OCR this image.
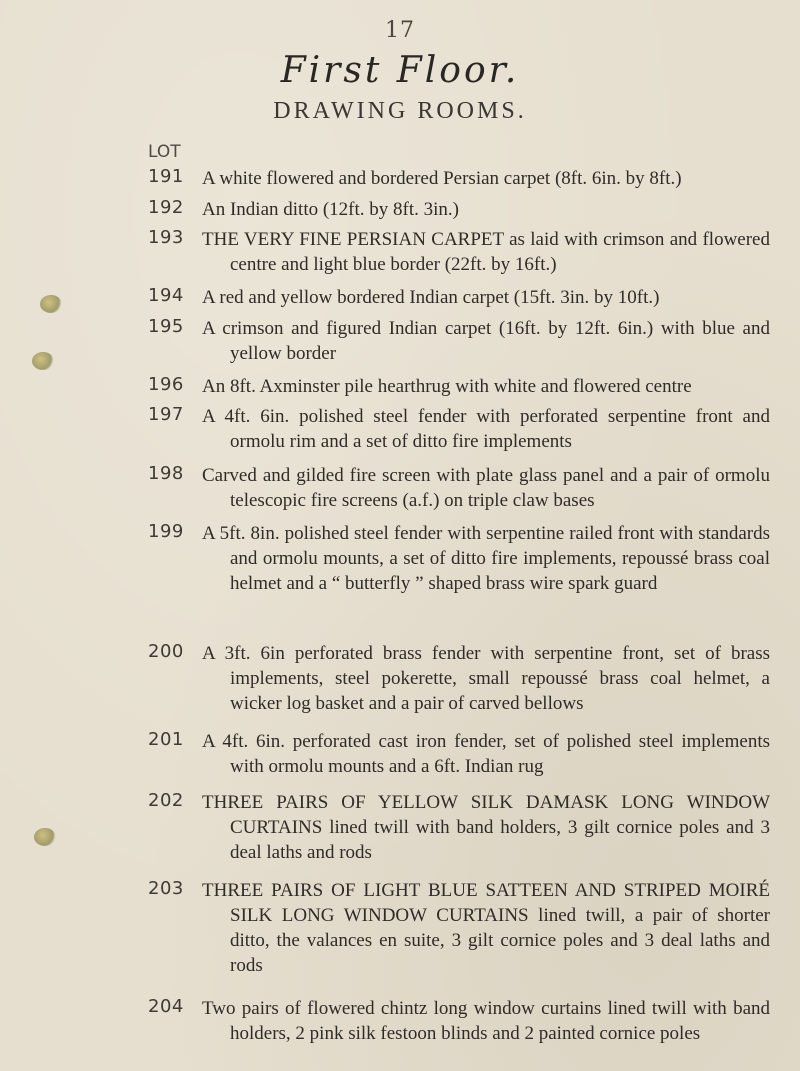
17
First Floor.
DRAWING ROOMS.
LOT
191 A white flowered and bordered Persian carpet (8ft. 6in. by 8ft.)
192 An Indian ditto (12ft. by 8ft. 3in.)
193 THE VERY FINE PERSIAN CARPET as laid with crimson and flowered centre and light blue border (22ft. by 16ft.)
194 A red and yellow bordered Indian carpet (15ft. 3in. by 10ft.)
195 A crimson and figured Indian carpet (16ft. by 12ft. 6in.) with blue and yellow border
196 An 8ft. Axminster pile hearthrug with white and flowered centre
197 A 4ft. 6in. polished steel fender with perforated serpentine front and ormolu rim and a set of ditto fire implements
198 Carved and gilded fire screen with plate glass panel and a pair of ormolu telescopic fire screens (a.f.) on triple claw bases
199 A 5ft. 8in. polished steel fender with serpentine railed front with standards and ormolu mounts, a set of ditto fire implements, repoussé brass coal helmet and a “ butterfly ” shaped brass wire spark guard
200 A 3ft. 6in perforated brass fender with serpentine front, set of brass implements, steel pokerette, small repoussé brass coal helmet, a wicker log basket and a pair of carved bellows
201 A 4ft. 6in. perforated cast iron fender, set of polished steel implements with ormolu mounts and a 6ft. Indian rug
202 THREE PAIRS OF YELLOW SILK DAMASK LONG WINDOW CURTAINS lined twill with band holders, 3 gilt cornice poles and 3 deal laths and rods
203 THREE PAIRS OF LIGHT BLUE SATTEEN AND STRIPED MOIRÉ SILK LONG WINDOW CURTAINS lined twill, a pair of shorter ditto, the valances en suite, 3 gilt cornice poles and 3 deal laths and rods
204 Two pairs of flowered chintz long window curtains lined twill with band holders, 2 pink silk festoon blinds and 2 painted cornice poles
